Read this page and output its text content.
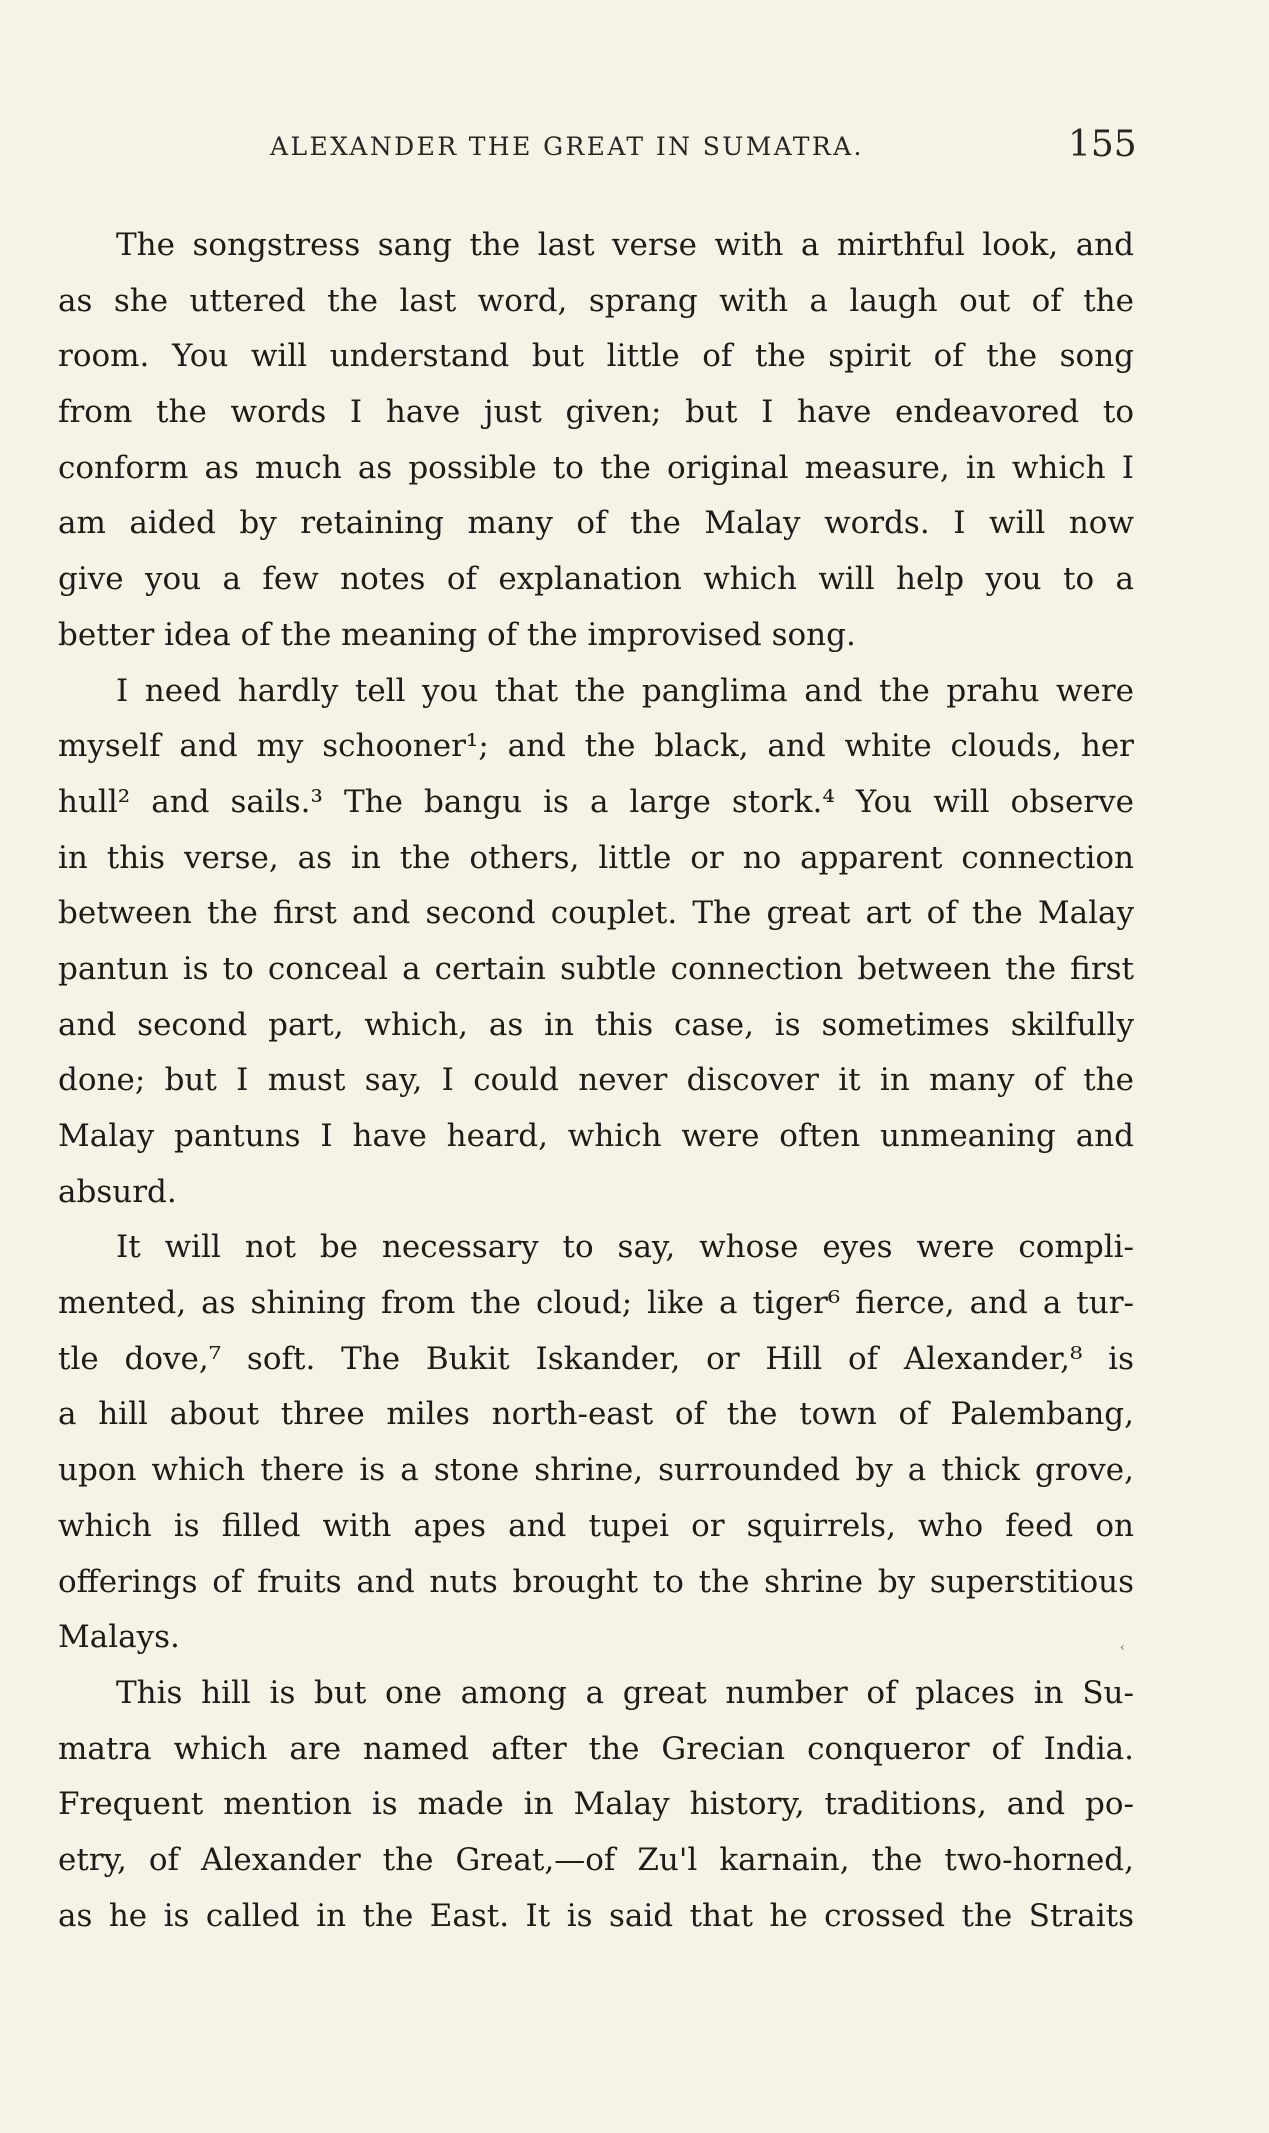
ALEXANDER THE GREAT IN SUMATRA.	155
The songstress sang the last verse with a mirthful look, and
as she uttered the last word, sprang with a laugh out of the
room. You will understand but little of the spirit of the song
from the words I have just given; but I have endeavored to
conform as much as possible to the original measure, in which I
am aided by retaining many of the Malay words. I will now
give you a few notes of explanation which will help you to a
better idea of the meaning of the improvised song.
I need hardly tell you that the panglima and the prahu were
myself and my schooner¹; and the black, and white clouds, her
hull² and sails.³ The bangu is a large stork.⁴ You will observe
in this verse, as in the others, little or no apparent connection
between the first and second couplet. The great art of the Malay
pantun is to conceal a certain subtle connection between the first
and second part, which, as in this case, is sometimes skilfully
done; but I must say, I could never discover it in many of the
Malay pantuns I have heard, which were often unmeaning and
absurd.
It will not be necessary to say, whose eyes were compli-
mented, as shining from the cloud; like a tiger⁶ fierce, and a tur-
tle dove,⁷ soft. The Bukit Iskander, or Hill of Alexander,⁸ is
a hill about three miles north-east of the town of Palembang,
upon which there is a stone shrine, surrounded by a thick grove,
which is filled with apes and tupei or squirrels, who feed on
offerings of fruits and nuts brought to the shrine by superstitious
Malays.
This hill is but one among a great number of places in Su-
matra which are named after the Grecian conqueror of India.
Frequent mention is made in Malay history, traditions, and po-
etry, of Alexander the Great,—of Zu'l karnain, the two-horned,
as he is called in the East. It is said that he crossed the Straits
‹
